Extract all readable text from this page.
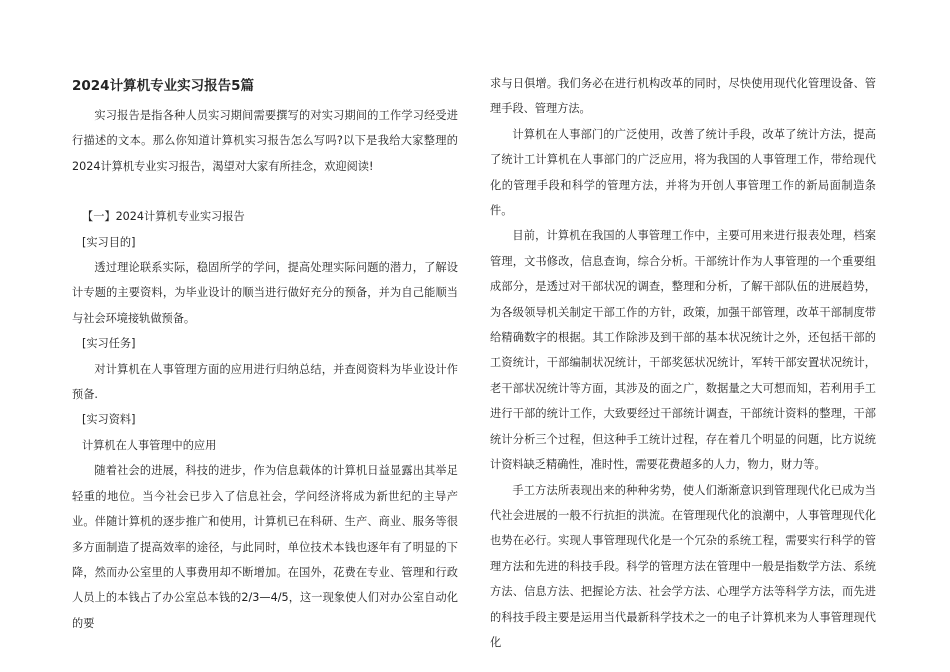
2024计算机专业实习报告5篇

实习报告是指各种人员实习期间需要撰写的对实习期间的工作学习经受进行描述的文本。那么你知道计算机实习报告怎么写吗?以下是我给大家整理的2024计算机专业实习报告，渴望对大家有所挂念，欢迎阅读!

【一】2024计算机专业实习报告

[实习目的]

透过理论联系实际，稳固所学的学问，提高处理实际问题的潜力，了解设计专题的主要资料，为毕业设计的顺当进行做好充分的预备，并为自己能顺当与社会环境接轨做预备。

[实习任务]

对计算机在人事管理方面的应用进行归纳总结，并查阅资料为毕业设计作预备.

[实习资料]

计算机在人事管理中的应用

随着社会的进展，科技的进步，作为信息载体的计算机日益显露出其举足轻重的地位。当今社会已步入了信息社会，学问经济将成为新世纪的主导产业。伴随计算机的逐步推广和使用，计算机已在科研、生产、商业、服务等很多方面制造了提高效率的途径，与此同时，单位技术本钱也逐年有了明显的下降，然而办公室里的人事费用却不断增加。在国外，花费在专业、管理和行政人员上的本钱占了办公室总本钱的2/3—4/5，这一现象使人们对办公室自动化的要

求与日俱增。我们务必在进行机构改革的同时，尽快使用现代化管理设备、管理手段、管理方法。

计算机在人事部门的广泛使用，改善了统计手段，改革了统计方法，提高了统计工计算机在人事部门的广泛应用，将为我国的人事管理工作，带给现代化的管理手段和科学的管理方法，并将为开创人事管理工作的新局面制造条件。

目前，计算机在我国的人事管理工作中，主要可用来进行报表处理，档案管理，文书修改，信息查询，综合分析。干部统计作为人事管理的一个重要组成部分，是透过对干部状况的调查，整理和分析，了解干部队伍的进展趋势，为各级领导机关制定干部工作的方针，政策，加强干部管理，改革干部制度带给精确数字的根据。其工作除涉及到干部的基本状况统计之外，还包括干部的工资统计，干部编制状况统计，干部奖惩状况统计，军转干部安置状况统计，老干部状况统计等方面，其涉及的面之广，数据量之大可想而知，若利用手工进行干部的统计工作，大致要经过干部统计调查，干部统计资料的整理，干部统计分析三个过程，但这种手工统计过程，存在着几个明显的问题，比方说统计资料缺乏精确性，准时性，需要花费超多的人力，物力，财力等。

手工方法所表现出来的种种劣势，使人们渐渐意识到管理现代化已成为当代社会进展的一般不行抗拒的洪流。在管理现代化的浪潮中，人事管理现代化也势在必行。实现人事管理现代化是一个冗杂的系统工程，需要实行科学的管理方法和先进的科技手段。科学的管理方法在管理中一般是指数学方法、系统方法、信息方法、把握论方法、社会学方法、心理学方法等科学方法，而先进的科技手段主要是运用当代最新科学技术之一的电子计算机来为人事管理现代化
